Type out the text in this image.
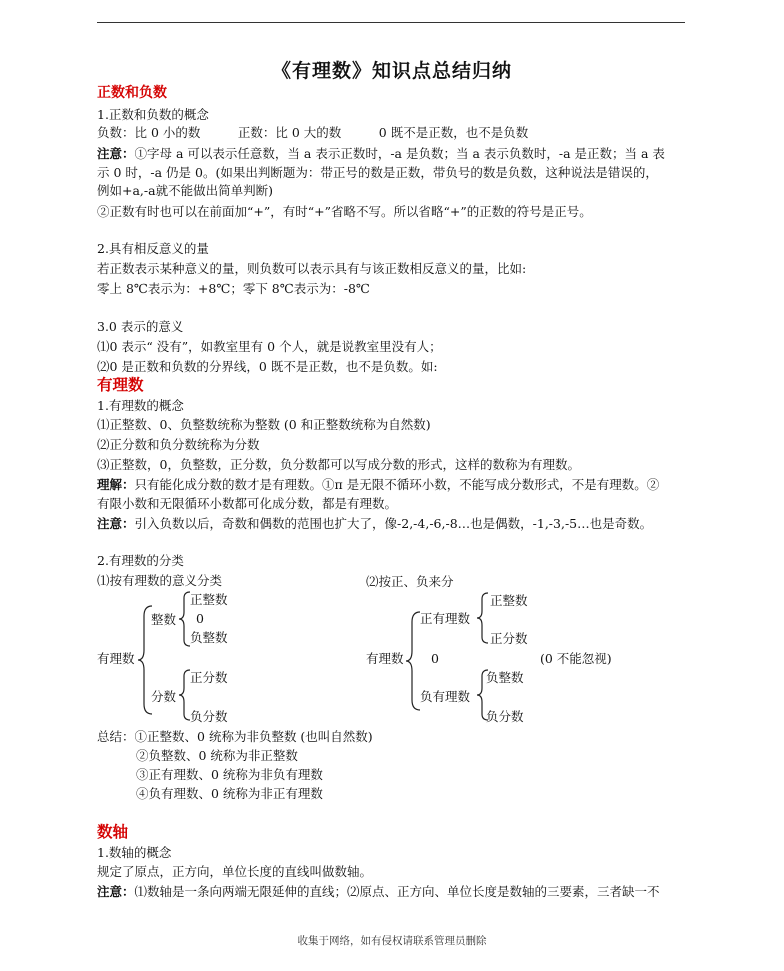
《有理数》知识点总结归纳
正数和负数
1.正数和负数的概念
负数：比 0 小的数　　　正数：比 0 大的数　　　0 既不是正数，也不是负数
注意：①字母 a 可以表示任意数，当 a 表示正数时，-a 是负数；当 a 表示负数时，-a 是正数；当 a 表
示 0 时，-a 仍是 0。(如果出判断题为：带正号的数是正数，带负号的数是负数，这种说法是错误的，
例如+a,-a就不能做出简单判断)
②正数有时也可以在前面加“+”，有时“+”省略不写。所以省略“+”的正数的符号是正号。
2.具有相反意义的量
若正数表示某种意义的量，则负数可以表示具有与该正数相反意义的量，比如:
零上 8℃表示为：+8℃；零下 8℃表示为：-8℃
3.0 表示的意义
⑴0 表示“ 没有”，如教室里有 0 个人，就是说教室里没有人；
⑵0 是正数和负数的分界线，0 既不是正数，也不是负数。如:
有理数
1.有理数的概念
⑴正整数、0、负整数统称为整数 (0 和正整数统称为自然数)
⑵正分数和负分数统称为分数
⑶正整数，0，负整数，正分数，负分数都可以写成分数的形式，这样的数称为有理数。
理解：只有能化成分数的数才是有理数。①π 是无限不循环小数，不能写成分数形式，不是有理数。②
有限小数和无限循环小数都可化成分数，都是有理数。
注意：引入负数以后，奇数和偶数的范围也扩大了，像-2,-4,-6,-8…也是偶数，-1,-3,-5…也是奇数。
2.有理数的分类
⑴按有理数的意义分类	⑵按正、负来分
有理数
整数
正整数
0
负整数
分数
正分数
负分数
有理数
正有理数
正整数
正分数
0	(0 不能忽视)
负有理数
负整数
负分数
总结：①正整数、0 统称为非负整数 (也叫自然数)
②负整数、0 统称为非正整数
③正有理数、0 统称为非负有理数
④负有理数、0 统称为非正有理数
数轴
1.数轴的概念
规定了原点，正方向，单位长度的直线叫做数轴。
注意：⑴数轴是一条向两端无限延伸的直线；⑵原点、正方向、单位长度是数轴的三要素，三者缺一不
收集于网络，如有侵权请联系管理员删除
